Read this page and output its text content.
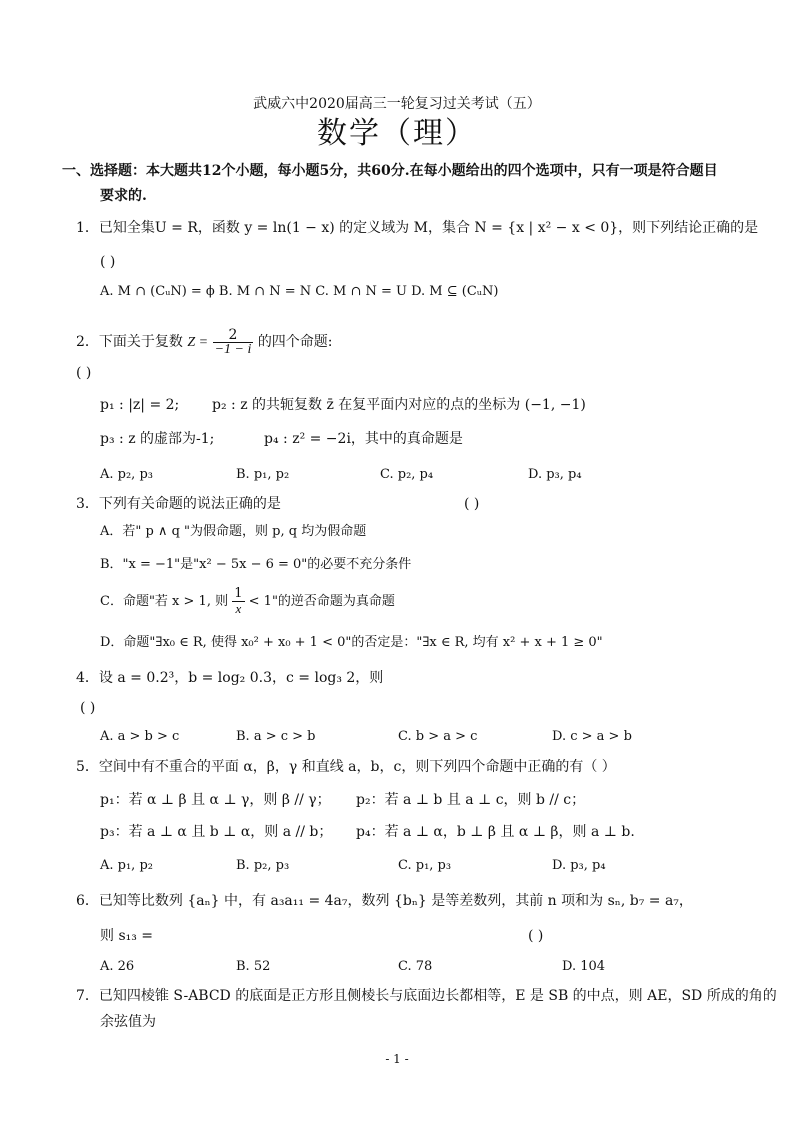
武威六中2020届高三一轮复习过关考试（五）
数学（理）
一、选择题：本大题共12个小题，每小题5分，共60分.在每小题给出的四个选项中，只有一项是符合题目
要求的.
1．已知全集U = R，函数 y = ln(1 − x) 的定义域为 M，集合 N = {x | x² − x < 0}，则下列结论正确的是
( )
A. M ∩ (CᵤN) = ϕ B. M ∩ N = N C. M ∩ N = U D. M ⊆ (CᵤN)
2．下面关于复数 $Z = \frac{2}{-1 - i}$ 的四个命题:
( )
p₁ : |z| = 2; p₂ : z 的共轭复数 z̄ 在复平面内对应的点的坐标为 (−1, −1)
p₃ : z 的虚部为-1;	p₄ : z² = −2i，其中的真命题是
A. p₂, p₃	B. p₁, p₂	C. p₂, p₄	D. p₃, p₄
3．下列有关命题的说法正确的是	( )
A．若" p ∧ q "为假命题，则 p, q 均为假命题
B．"x = −1"是"x² − 5x − 6 = 0"的必要不充分条件
C．命题"若 x > 1, 则 $\frac{1}{x} < 1$"的逆否命题为真命题
D．命题"∃x₀ ∈ R, 使得 x₀² + x₀ + 1 < 0"的否定是："∃x ∈ R, 均有 x² + x + 1 ≥ 0"
4．设 a = 0.2³，b = log₂ 0.3，c = log₃ 2，则
( )
A. a > b > c	B. a > c > b	C. b > a > c	D. c > a > b
5．空间中有不重合的平面 α，β，γ 和直线 a，b，c，则下列四个命题中正确的有（ ）
p₁：若 α ⊥ β 且 α ⊥ γ，则 β // γ； p₂：若 a ⊥ b 且 a ⊥ c，则 b // c；
p₃：若 a ⊥ α 且 b ⊥ α，则 a // b； p₄：若 a ⊥ α，b ⊥ β 且 α ⊥ β，则 a ⊥ b.
A. p₁, p₂	B. p₂, p₃	C. p₁, p₃	D. p₃, p₄
6．已知等比数列 {aₙ} 中，有 a₃a₁₁ = 4a₇，数列 {bₙ} 是等差数列，其前 n 项和为 sₙ, b₇ = a₇，
则 s₁₃ =	( )
A. 26	B. 52	C. 78	D. 104
7．已知四棱锥 S-ABCD 的底面是正方形且侧棱长与底面边长都相等，E 是 SB 的中点，则 AE，SD 所成的角的
余弦值为
- 1 -
